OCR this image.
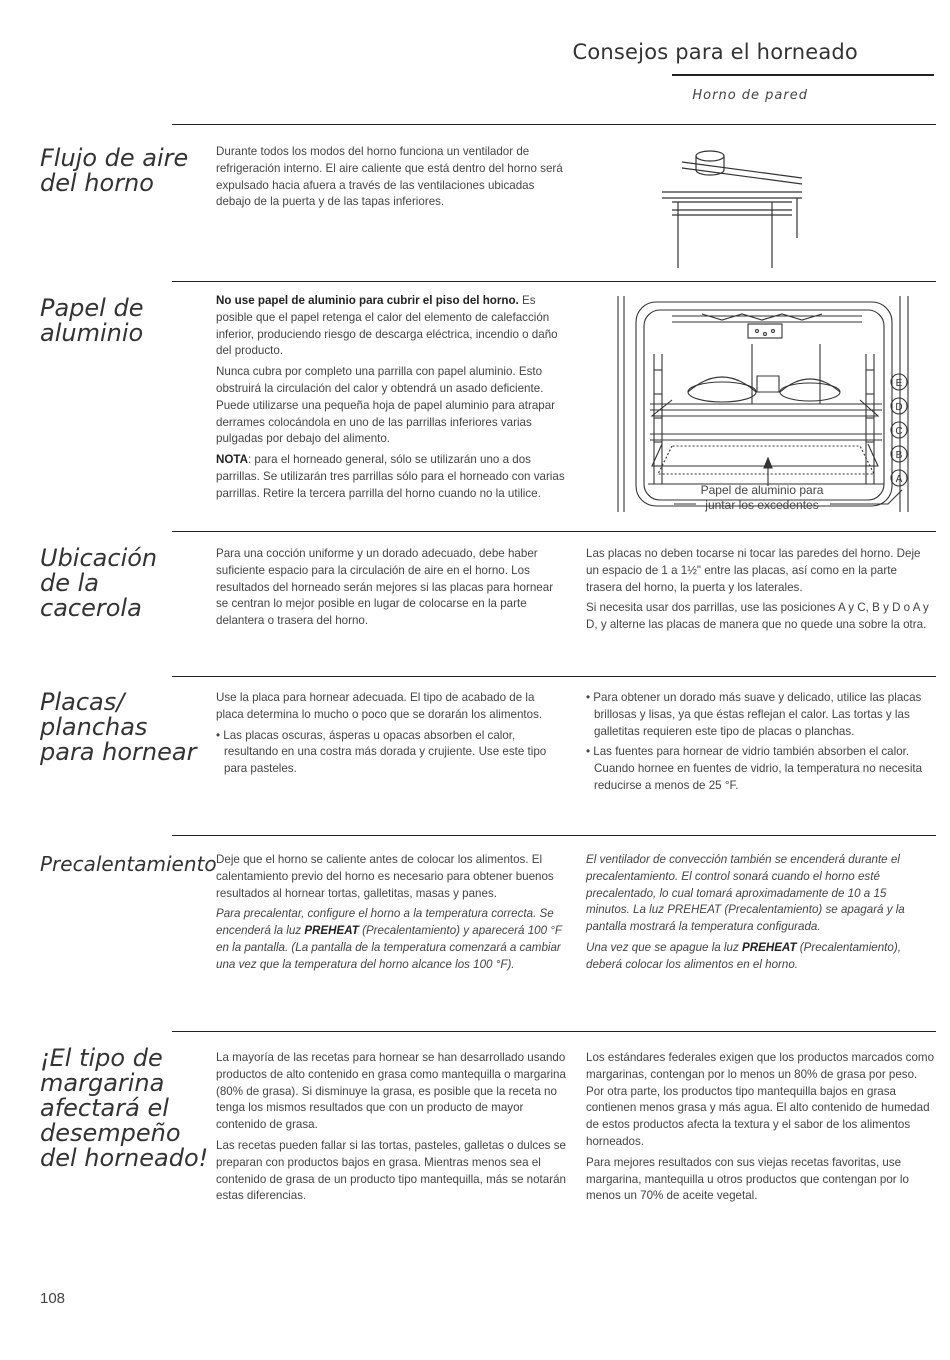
Consejos para el horneado
Horno de pared
Flujo de aire
del horno

Durante todos los modos del horno funciona un ventilador de refrigeración interno. El aire caliente que está dentro del horno será expulsado hacia afuera a través de las ventilaciones ubicadas debajo de la puerta y de las tapas inferiores.

Papel de
aluminio

No use papel de aluminio para cubrir el piso del horno. Es posible que el papel retenga el calor del elemento de calefacción inferior, produciendo riesgo de descarga eléctrica, incendio o daño del producto.

Nunca cubra por completo una parrilla con papel aluminio. Esto obstruirá la circulación del calor y obtendrá un asado deficiente. Puede utilizarse una pequeña hoja de papel aluminio para atrapar derrames colocándola en uno de las parrillas inferiores varias pulgadas por debajo del alimento.

NOTA: para el horneado general, sólo se utilizarán uno a dos parrillas. Se utilizarán tres parrillas sólo para el horneado con varias parrillas. Retire la tercera parrilla del horno cuando no la utilice.

E
D
C
B
A
Papel de aluminio para
juntar los excedentes
Ubicación
de la
cacerola

Para una cocción uniforme y un dorado adecuado, debe haber suficiente espacio para la circulación de aire en el horno. Los resultados del horneado serán mejores si las placas para hornear se centran lo mejor posible en lugar de colocarse en la parte delantera o trasera del horno.

Las placas no deben tocarse ni tocar las paredes del horno. Deje un espacio de 1 a 1½" entre las placas, así como en la parte trasera del horno, la puerta y los laterales.

Si necesita usar dos parrillas, use las posiciones A y C, B y D o A y D, y alterne las placas de manera que no quede una sobre la otra.

Placas/
planchas
para hornear

Use la placa para hornear adecuada. El tipo de acabado de la placa determina lo mucho o poco que se dorarán los alimentos.

• Las placas oscuras, ásperas u opacas absorben el calor, resultando en una costra más dorada y crujiente. Use este tipo para pasteles.

• Para obtener un dorado más suave y delicado, utilice las placas brillosas y lisas, ya que éstas reflejan el calor. Las tortas y las galletitas requieren este tipo de placas o planchas.

• Las fuentes para hornear de vidrio también absorben el calor. Cuando hornee en fuentes de vidrio, la temperatura no necesita reducirse a menos de 25 °F.

Precalentamiento Deje que el horno se caliente antes de colocar los alimentos. El calentamiento previo del horno es necesario para obtener buenos resultados al hornear tortas, galletitas, masas y panes.

Para precalentar, configure el horno a la temperatura correcta. Se encenderá la luz PREHEAT (Precalentamiento) y aparecerá 100 °F en la pantalla. (La pantalla de la temperatura comenzará a cambiar una vez que la temperatura del horno alcance los 100 °F).

El ventilador de convección también se encenderá durante el precalentamiento. El control sonará cuando el horno esté precalentado, lo cual tomará aproximadamente de 10 a 15 minutos. La luz PREHEAT (Precalentamiento) se apagará y la pantalla mostrará la temperatura configurada.

Una vez que se apague la luz PREHEAT (Precalentamiento), deberá colocar los alimentos en el horno.

¡El tipo de
margarina
afectará el
desempeño
del horneado!

La mayoría de las recetas para hornear se han desarrollado usando productos de alto contenido en grasa como mantequilla o margarina (80% de grasa). Si disminuye la grasa, es posible que la receta no tenga los mismos resultados que con un producto de mayor contenido de grasa.

Las recetas pueden fallar si las tortas, pasteles, galletas o dulces se preparan con productos bajos en grasa. Mientras menos sea el contenido de grasa de un producto tipo mantequilla, más se notarán estas diferencias.

Los estándares federales exigen que los productos marcados como margarinas, contengan por lo menos un 80% de grasa por peso. Por otra parte, los productos tipo mantequilla bajos en grasa contienen menos grasa y más agua. El alto contenido de humedad de estos productos afecta la textura y el sabor de los alimentos horneados.

Para mejores resultados con sus viejas recetas favoritas, use margarina, mantequilla u otros productos que contengan por lo menos un 70% de aceite vegetal.

108
